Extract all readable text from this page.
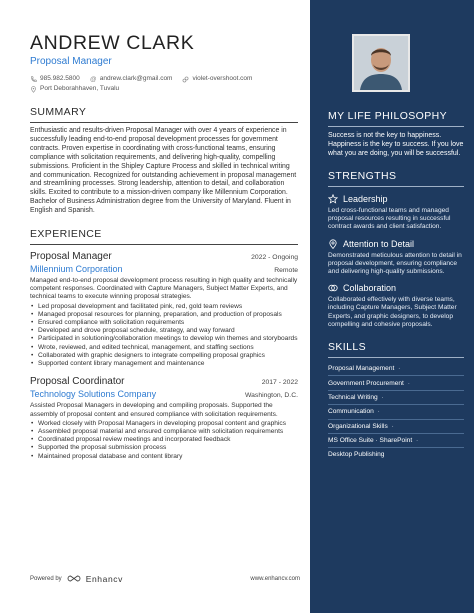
ANDREW CLARK
Proposal Manager
985.982.5800 @ andrew.clark@gmail.com	violet-overshoot.com
Port Deborahhaven, Tuvalu
SUMMARY

Enthusiastic and results-driven Proposal Manager with over 4 years of experience in successfully leading end-to-end proposal development processes for government contracts. Proven expertise in coordinating with cross-functional teams, ensuring compliance with solicitation requirements, and delivering high-quality, compelling submissions. Proficient in the Shipley Capture Process and skilled in technical writing and communication. Recognized for outstanding achievement in proposal management and streamlining processes. Strong leadership, attention to detail, and collaboration skills. Excited to contribute to a mission-driven company like Millennium Corporation. Bachelor of Business Administration degree from the University of Maryland. Fluent in English and Spanish.

EXPERIENCE
Proposal Manager	2022 - Ongoing
Millennium Corporation	Remote

Managed end-to-end proposal development process resulting in high quality and technically competent responses. Coordinated with Capture Managers, Subject Matter Experts, and technical teams to execute winning proposal strategies.

• Led proposal development and facilitated pink, red, gold team reviews
• Managed proposal resources for planning, preparation, and production of proposals
• Ensured compliance with solicitation requirements
• Developed and drove proposal schedule, strategy, and way forward
• Participated in solutioning/collaboration meetings to develop win themes and storyboards
• Wrote, reviewed, and edited technical, management, and staffing sections
• Collaborated with graphic designers to integrate compelling proposal graphics
• Supported content library management and maintenance
Proposal Coordinator	2017 - 2022
Technology Solutions Company	Washington, D.C.

Assisted Proposal Managers in developing and compiling proposals. Supported the assembly of proposal content and ensured compliance with solicitation requirements.

• Worked closely with Proposal Managers in developing proposal content and graphics
• Assembled proposal material and ensured compliance with solicitation requirements
• Coordinated proposal review meetings and incorporated feedback
• Supported the proposal submission process
• Maintained proposal database and content library
MY LIFE PHILOSOPHY

Success is not the key to happiness. Happiness is the key to success. If you love what you are doing, you will be successful.

STRENGTHS
Leadership

Led cross-functional teams and managed proposal resources resulting in successful contract awards and client satisfaction.

Attention to Detail

Demonstrated meticulous attention to detail in proposal development, ensuring compliance and delivering high-quality submissions.

Collaboration

Collaborated effectively with diverse teams, including Capture Managers, Subject Matter Experts, and graphic designers, to develop compelling and cohesive proposals.

SKILLS
Proposal Management ·
Government Procurement ·
Technical Writing ·
Communication ·
Organizational Skills ·
MS Office Suite · SharePoint ·
Desktop Publishing
Powered by	Enhancv	www.enhancv.com
